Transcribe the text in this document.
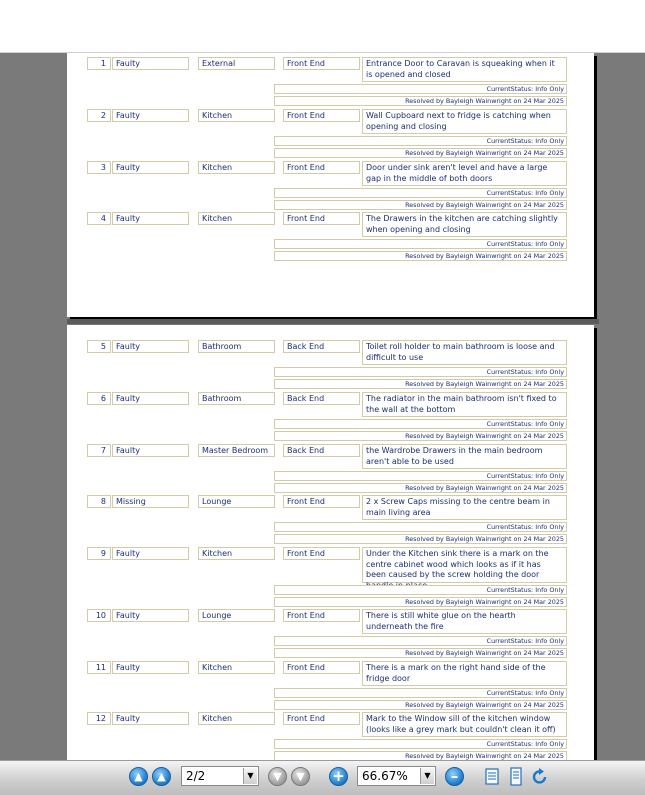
1	Faulty	External	Front End	Entrance Door to Caravan is squeaking when it is opened and closed
CurrentStatus: Info Only
Resolved by Bayleigh Wainwright on 24 Mar 2025
2	Faulty	Kitchen	Front End	Wall Cupboard next to fridge is catching when opening and closing
CurrentStatus: Info Only
Resolved by Bayleigh Wainwright on 24 Mar 2025
3	Faulty	Kitchen	Front End	Door under sink aren't level and have a large gap in the middle of both doors
CurrentStatus: Info Only
Resolved by Bayleigh Wainwright on 24 Mar 2025
4	Faulty	Kitchen	Front End	The Drawers in the kitchen are catching slightly when opening and closing
CurrentStatus: Info Only
Resolved by Bayleigh Wainwright on 24 Mar 2025
5	Faulty	Bathroom	Back End	Toilet roll holder to main bathroom is loose and difficult to use
CurrentStatus: Info Only
Resolved by Bayleigh Wainwright on 24 Mar 2025
6	Faulty	Bathroom	Back End	The radiator in the main bathroom isn't fixed to the wall at the bottom
CurrentStatus: Info Only
Resolved by Bayleigh Wainwright on 24 Mar 2025
7	Faulty	Master Bedroom	Back End	the Wardrobe Drawers in the main bedroom aren't able to be used
CurrentStatus: Info Only
Resolved by Bayleigh Wainwright on 24 Mar 2025
8	Missing	Lounge	Front End	2 x Screw Caps missing to the centre beam in main living area
CurrentStatus: Info Only
Resolved by Bayleigh Wainwright on 24 Mar 2025
9	Faulty	Kitchen	Front End	Under the Kitchen sink there is a mark on the centre cabinet wood which looks as if it has been caused by the screw holding the door
CurrentStatus: Info Only
Resolved by Bayleigh Wainwright on 24 Mar 2025
10	Faulty	Lounge	Front End	There is still white glue on the hearth underneath the fire
CurrentStatus: Info Only
Resolved by Bayleigh Wainwright on 24 Mar 2025
11	Faulty	Kitchen	Front End	There is a mark on the right hand side of the fridge door
CurrentStatus: Info Only
Resolved by Bayleigh Wainwright on 24 Mar 2025
12	Faulty	Kitchen	Front End	Mark to the Window sill of the kitchen window (looks like a grey mark but couldn't clean it off)
CurrentStatus: Info Only
Resolved by Bayleigh Wainwright on 24 Mar 2025
▲	▲	2/2	▼	▼	▼ +	66.67%	▼	–
